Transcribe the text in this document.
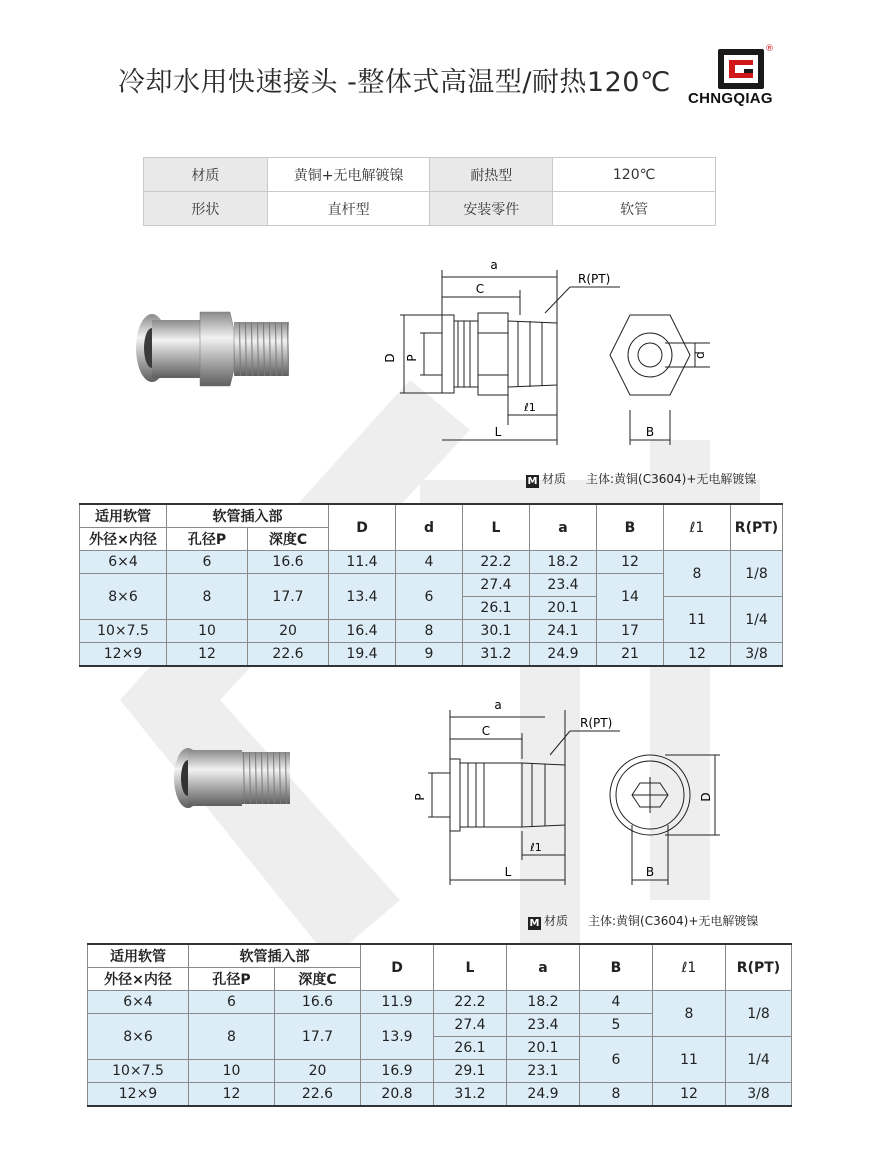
冷却水用快速接头 -整体式高温型/耐热120℃
®
CHNGQIAG
材质	黄铜+无电解镀镍	耐热型	120℃
形状	直杆型	安装零件	软管
a
C
R(PT)
D P
ℓ1
L
d
B
M 材质 主体:黄铜(C3604)+无电解镀镍
适用软管	软管插入部		D	d	L	a	B	ℓ1	R(PT)
外径×内径	孔径P	深度C							
6×4	6	16.6	11.4	4	22.2	18.2	12	8	1/8
8×6	8	17.7	13.4	6	27.4	23.4	14		
					26.1	20.1		11	1/4
10×7.5	10	20	16.4	8	30.1	24.1	17		
12×9	12	22.6	19.4	9	31.2	24.9	21	12	3/8
a
C
R(PT)
P
ℓ1
L
D
B
M 材质 主体:黄铜(C3604)+无电解镀镍
适用软管	软管插入部		D	L	a	B	ℓ1	R(PT)
外径×内径	孔径P	深度C						
6×4	6	16.6	11.9	22.2	18.2	4	8	1/8
8×6	8	17.7	13.9	27.4	23.4	5		
				26.1	20.1	6	11	1/4
10×7.5	10	20	16.9	29.1	23.1			
12×9	12	22.6	20.8	31.2	24.9	8	12	3/8
